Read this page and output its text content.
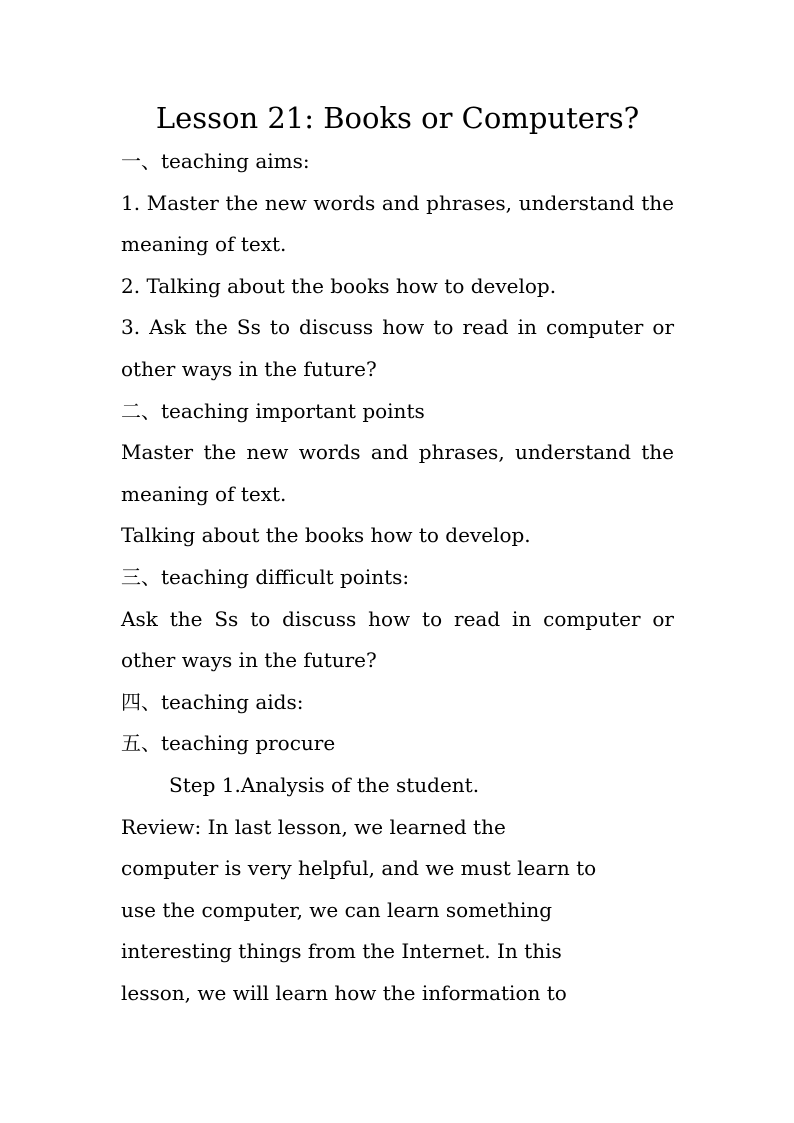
Lesson 21: Books or Computers?

一、teaching aims:

1. Master the new words and phrases, understand the meaning of text.

2. Talking about the books how to develop.

3. Ask the Ss to discuss how to read in computer or other ways in the future?

二、teaching important points

Master the new words and phrases, understand the meaning of text.

Talking about the books how to develop.

三、teaching difficult points:

Ask the Ss to discuss how to read in computer or other ways in the future?

四、teaching aids:

五、teaching procure

Step 1.Analysis of the student.

Review: In last lesson, we learned the

computer is very helpful, and we must learn to

use the computer, we can learn something

interesting things from the Internet. In this

lesson, we will learn how the information to
